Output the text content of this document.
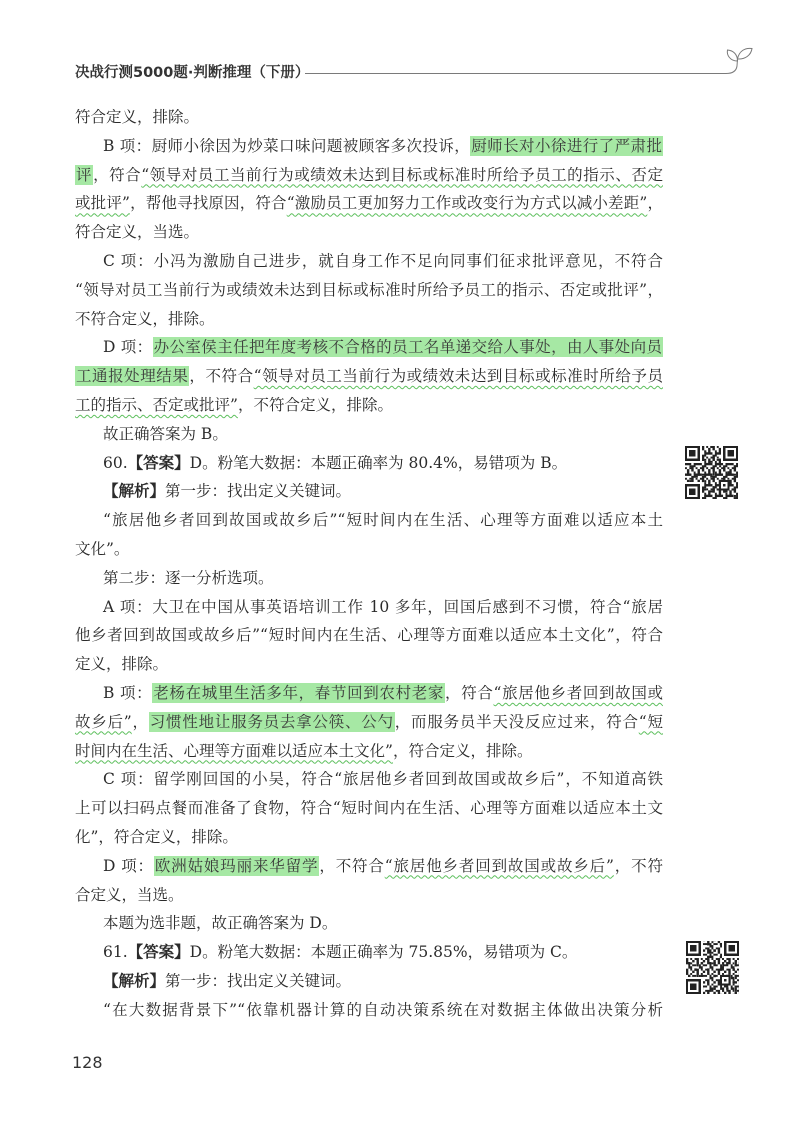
决战行测5000题·判断推理（下册）
符合定义，排除。
B 项：厨师小徐因为炒菜口味问题被顾客多次投诉，厨师长对小徐进行了严肃批
评，符合“领导对员工当前行为或绩效未达到目标或标准时所给予员工的指示、否定
或批评”，帮他寻找原因，符合“激励员工更加努力工作或改变行为方式以减小差距”，
符合定义，当选。
C 项：小冯为激励自己进步，就自身工作不足向同事们征求批评意见，不符合
“领导对员工当前行为或绩效未达到目标或标准时所给予员工的指示、否定或批评”，
不符合定义，排除。
D 项：办公室侯主任把年度考核不合格的员工名单递交给人事处，由人事处向员
工通报处理结果，不符合“领导对员工当前行为或绩效未达到目标或标准时所给予员
工的指示、否定或批评”，不符合定义，排除。
故正确答案为 B。
60.【答案】D。粉笔大数据：本题正确率为 80.4%，易错项为 B。
【解析】第一步：找出定义关键词。
“旅居他乡者回到故国或故乡后”“短时间内在生活、心理等方面难以适应本土
文化”。
第二步：逐一分析选项。
A 项：大卫在中国从事英语培训工作 10 多年，回国后感到不习惯，符合“旅居
他乡者回到故国或故乡后”“短时间内在生活、心理等方面难以适应本土文化”，符合
定义，排除。
B 项：老杨在城里生活多年，春节回到农村老家，符合“旅居他乡者回到故国或
故乡后”，习惯性地让服务员去拿公筷、公勺，而服务员半天没反应过来，符合“短
时间内在生活、心理等方面难以适应本土文化”，符合定义，排除。
C 项：留学刚回国的小吴，符合“旅居他乡者回到故国或故乡后”，不知道高铁
上可以扫码点餐而准备了食物，符合“短时间内在生活、心理等方面难以适应本土文
化”，符合定义，排除。
D 项：欧洲姑娘玛丽来华留学，不符合“旅居他乡者回到故国或故乡后”，不符
合定义，当选。
本题为选非题，故正确答案为 D。
61.【答案】D。粉笔大数据：本题正确率为 75.85%，易错项为 C。
【解析】第一步：找出定义关键词。
“在大数据背景下”“依靠机器计算的自动决策系统在对数据主体做出决策分析
128
